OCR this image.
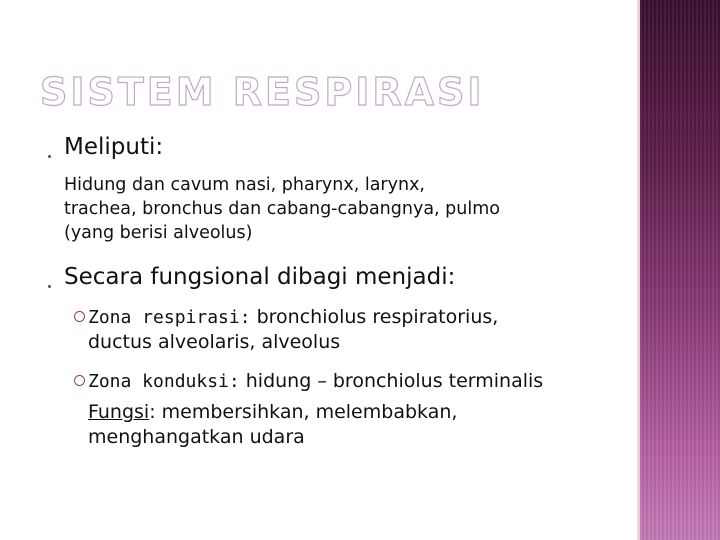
SISTEM RESPIRASI
Meliputi:
Hidung dan cavum nasi, pharynx, larynx,
trachea, bronchus dan cabang-cabangnya, pulmo
(yang berisi alveolus)
Secara fungsional dibagi menjadi:
Zona respirasi: bronchiolus respiratorius,
ductus alveolaris, alveolus
Zona konduksi: hidung – bronchiolus terminalis
Fungsi: membersihkan, melembabkan,
menghangatkan udara
